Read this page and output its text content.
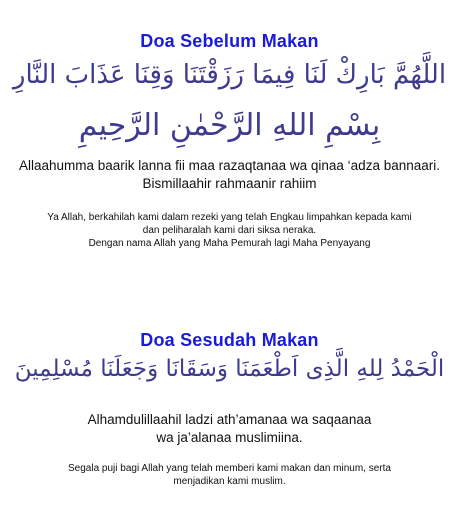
Doa Sebelum Makan
اللَّهُمَّ بَارِكْ لَنَا فِيمَا رَزَقْتَنَا وَقِنَا عَذَابَ النَّارِ
بِسْمِ اللهِ الرَّحْمٰنِ الرَّحِيمِ
Allaahumma baarik lanna fii maa razaqtanaa wa qinaa ‘adza bannaari.
Bismillaahir rahmaanir rahiim
Ya Allah, berkahilah kami dalam rezeki yang telah Engkau limpahkan kepada kami
dan peliharalah kami dari siksa neraka.
Dengan nama Allah yang Maha Pemurah lagi Maha Penyayang
Doa Sesudah Makan
الْحَمْدُ لِلهِ الَّذِى اَطْعَمَنَا وَسَقَانَا وَجَعَلَنَا مُسْلِمِينَ
Alhamdulillaahil ladzi ath’amanaa wa saqaanaa
wa ja’alanaa muslimiina.
Segala puji bagi Allah yang telah memberi kami makan dan minum, serta
menjadikan kami muslim.
